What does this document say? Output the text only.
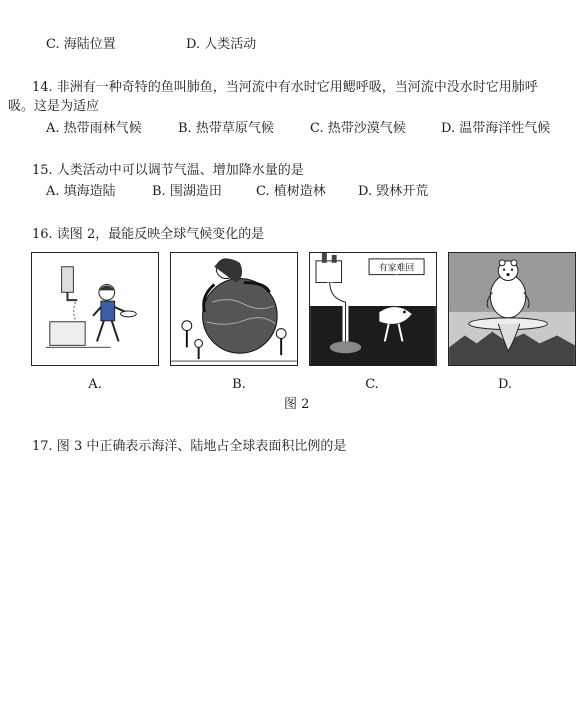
C. 海陆位置	D. 人类活动
14. 非洲有一种奇特的鱼叫肺鱼，当河流中有水时它用鳃呼吸，当河流中没水时它用肺呼
吸。这是为适应
A. 热带雨林气候	B. 热带草原气候	C. 热带沙漠气候	D. 温带海洋性气候
15. 人类活动中可以调节气温、增加降水量的是
A. 填海造陆	B. 围湖造田	C. 植树造林 D. 毁林开荒
16. 读图 2，最能反映全球气候变化的是
A.	B.
有家难回
C.	D.
图 2
17. 图 3 中正确表示海洋、陆地占全球表面积比例的是
